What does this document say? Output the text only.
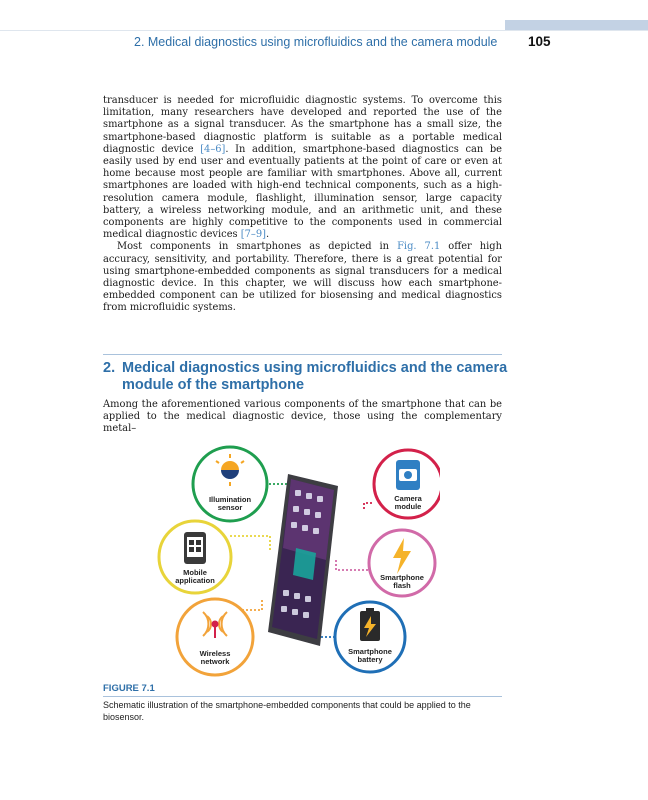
2. Medical diagnostics using microfluidics and the camera module 105

transducer is needed for microfluidic diagnostic systems. To overcome this limitation, many researchers have developed and reported the use of the smartphone as a signal transducer. As the smartphone has a small size, the smartphone-based diagnostic platform is suitable as a portable medical diagnostic device [4–6]. In addition, smartphone-based diagnostics can be easily used by end user and eventually patients at the point of care or even at home because most people are familiar with smartphones. Above all, current smartphones are loaded with high-end technical components, such as a high-resolution camera module, flashlight, illumination sensor, large capacity battery, a wireless networking module, and an arithmetic unit, and these components are highly competitive to the components used in commercial medical diagnostic devices [7–9].

Most components in smartphones as depicted in Fig. 7.1 offer high accuracy, sensitivity, and portability. Therefore, there is a great potential for using smartphone-embedded components as signal transducers for a medical diagnostic device. In this chapter, we will discuss how each smartphone-embedded component can be utilized for biosensing and medical diagnostics from microfluidic systems.

2. Medical diagnostics using microfluidics and the camera
module of the smartphone

Among the aforementioned various components of the smartphone that can be applied to the medical diagnostic device, those using the complementary metal–

Illumination
sensor
Camera
module
Mobile
application	Smartphone
flash
Wireless
network
Smartphone
battery
FIGURE 7.1
Schematic illustration of the smartphone-embedded components that could be applied to the biosensor.
